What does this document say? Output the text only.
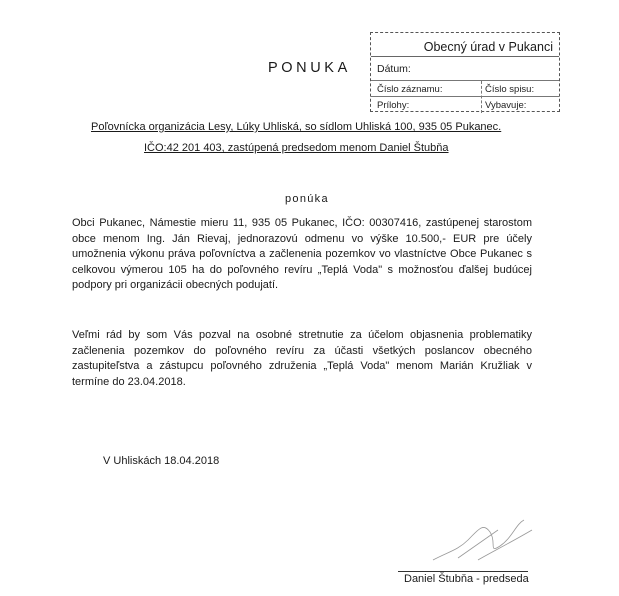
PONUKA
Obecný úrad v Pukanci
Dátum:
Číslo záznamu:	Číslo spisu:
Prílohy:	Vybavuje:
Poľovnícka organizácia Lesy, Lúky Uhliská, so sídlom Uhliská 100, 935 05 Pukanec.
IČO:42 201 403, zastúpená predsedom menom Daniel Štubňa
ponúka
Obci Pukanec, Námestie mieru 11, 935 05 Pukanec, IČO: 00307416, zastúpenej starostom obce menom Ing. Ján Rievaj, jednorazovú odmenu vo výške 10.500,- EUR pre účely umožnenia výkonu práva poľovníctva a začlenenia pozemkov vo vlastníctve Obce Pukanec s celkovou výmerou 105 ha do poľovného revíru „Teplá Voda" s možnosťou ďalšej budúcej podpory pri organizácii obecných podujatí.
Veľmi rád by som Vás pozval na osobné stretnutie za účelom objasnenia problematiky začlenenia pozemkov do poľovného revíru za účasti všetkých poslancov obecného zastupiteľstva a zástupcu poľovného združenia „Teplá Voda" menom Marián Kružliak v termíne do 23.04.2018.
V Uhliskách 18.04.2018
Daniel Štubňa - predseda
